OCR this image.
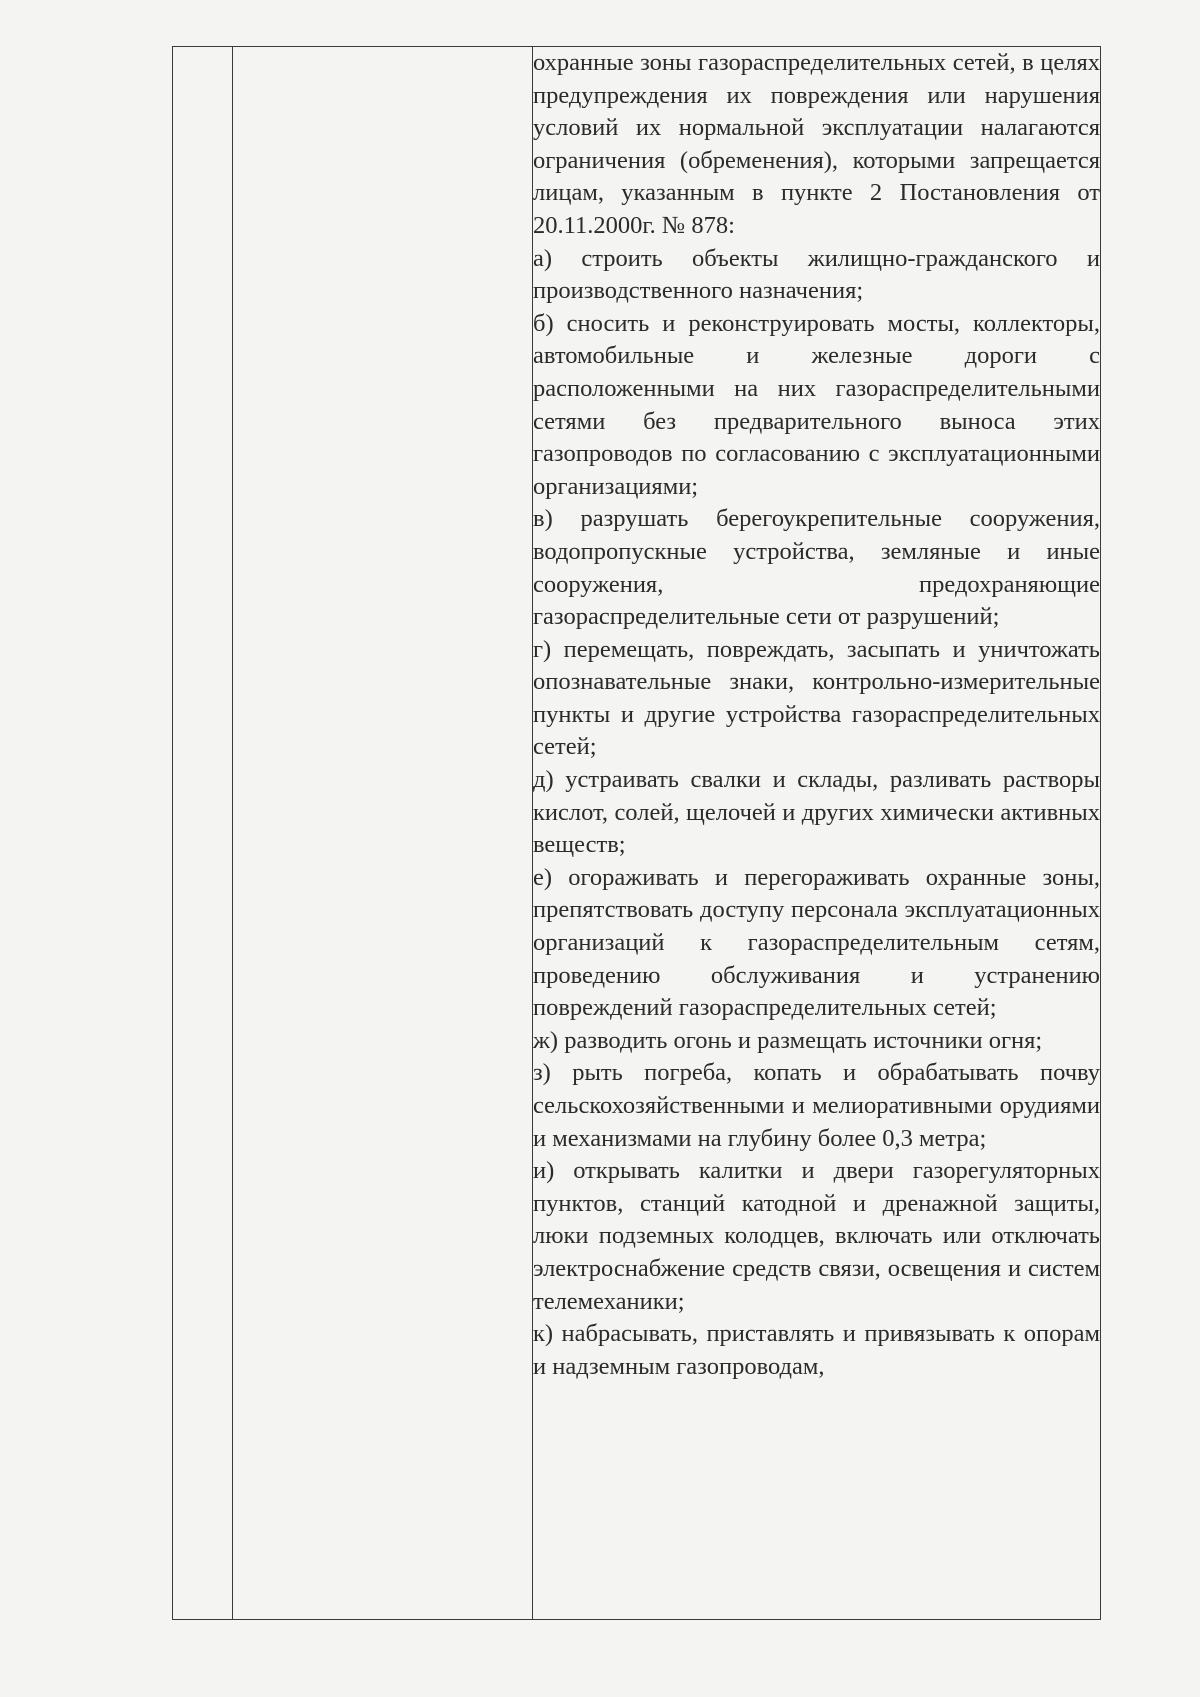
охранные зоны газораспределительных сетей, в целях предупреждения их повреждения или нарушения условий их нормальной эксплуатации налагаются ограничения (обременения), которыми запрещается лицам, указанным в пункте 2 Постановления от 20.11.2000г. № 878:
а) строить объекты жилищно-гражданского и производственного назначения;
б) сносить и реконструировать мосты, коллекторы, автомобильные и железные дороги с расположенными на них газораспределительными сетями без предварительного выноса этих газопроводов по согласованию с эксплуатационными организациями;
в) разрушать берегоукрепительные сооружения, водопропускные устройства, земляные и иные сооружения, предохраняющие газораспределительные сети от разрушений;
г) перемещать, повреждать, засыпать и уничтожать опознавательные знаки, контрольно-измерительные пункты и другие устройства газораспределительных сетей;
д) устраивать свалки и склады, разливать растворы кислот, солей, щелочей и других химически активных веществ;
е) огораживать и перегораживать охранные зоны, препятствовать доступу персонала эксплуатационных организаций к газораспределительным сетям, проведению обслуживания и устранению повреждений газораспределительных сетей;
ж) разводить огонь и размещать источники огня;
з) рыть погреба, копать и обрабатывать почву сельскохозяйственными и мелиоративными орудиями и механизмами на глубину более 0,3 метра;
и) открывать калитки и двери газорегуляторных пунктов, станций катодной и дренажной защиты, люки подземных колодцев, включать или отключать электроснабжение средств связи, освещения и систем телемеханики;
к) набрасывать, приставлять и привязывать к опорам и надземным газопроводам,
